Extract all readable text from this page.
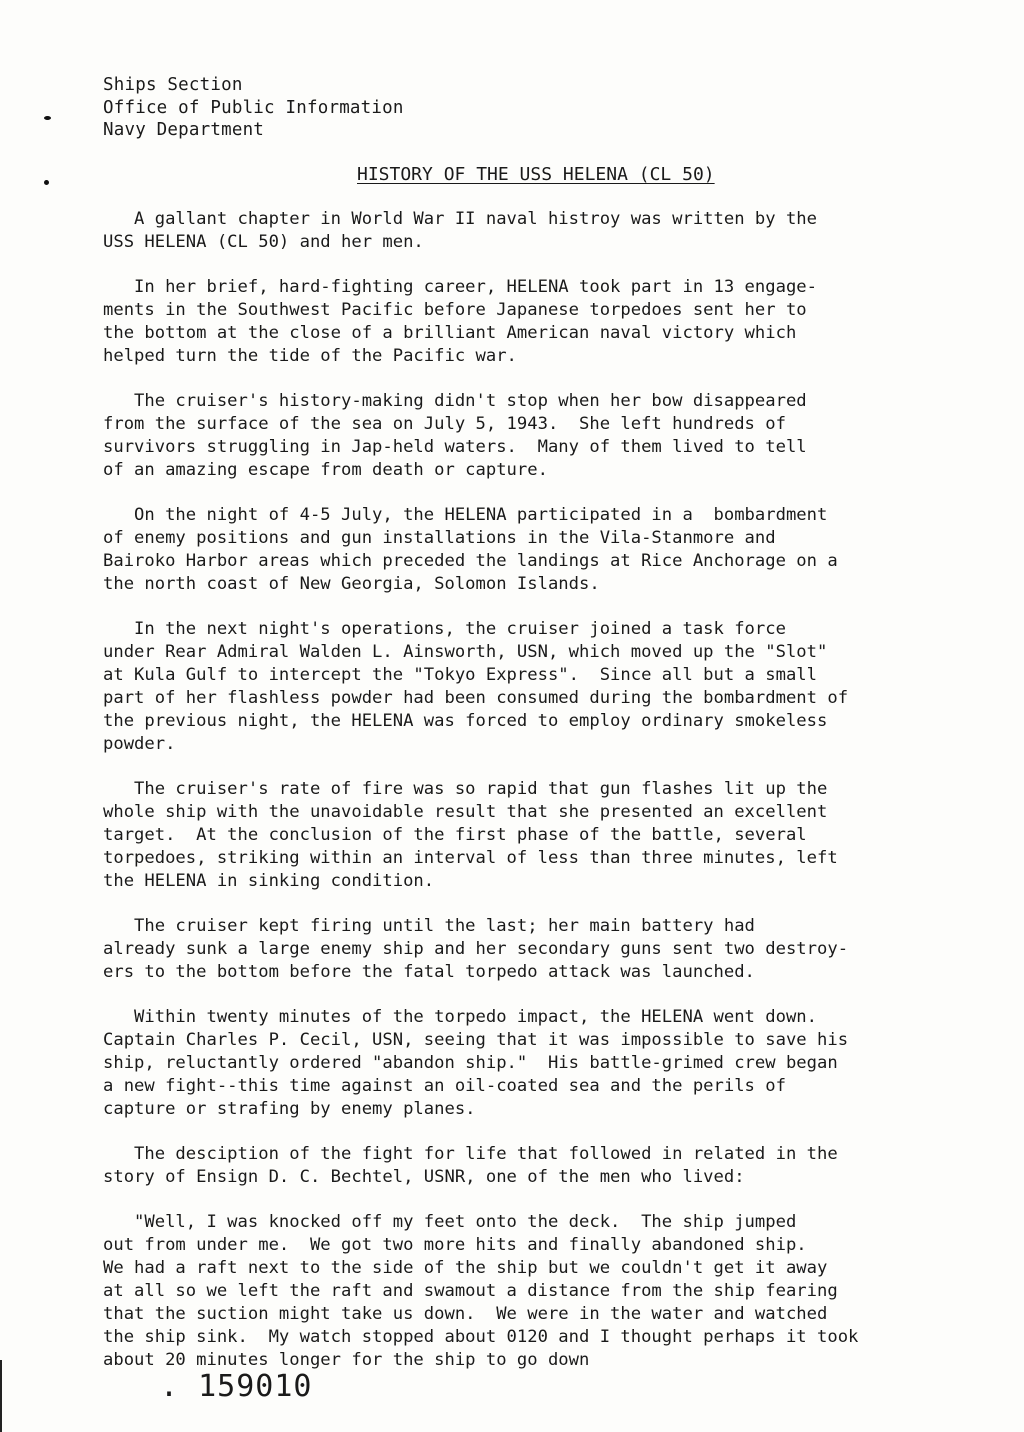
Ships Section
Office of Public Information
Navy Department
HISTORY OF THE USS HELENA (CL 50)
A gallant chapter in World War II naval histroy was written by the
USS HELENA (CL 50) and her men.
In her brief, hard-fighting career, HELENA took part in 13 engage-
ments in the Southwest Pacific before Japanese torpedoes sent her to
the bottom at the close of a brilliant American naval victory which
helped turn the tide of the Pacific war.
The cruiser's history-making didn't stop when her bow disappeared
from the surface of the sea on July 5, 1943.  She left hundreds of
survivors struggling in Jap-held waters.  Many of them lived to tell
of an amazing escape from death or capture.
On the night of 4-5 July, the HELENA participated in a  bombardment
of enemy positions and gun installations in the Vila-Stanmore and
Bairoko Harbor areas which preceded the landings at Rice Anchorage on a
the north coast of New Georgia, Solomon Islands.
In the next night's operations, the cruiser joined a task force
under Rear Admiral Walden L. Ainsworth, USN, which moved up the "Slot"
at Kula Gulf to intercept the "Tokyo Express".  Since all but a small
part of her flashless powder had been consumed during the bombardment of
the previous night, the HELENA was forced to employ ordinary smokeless
powder.
The cruiser's rate of fire was so rapid that gun flashes lit up the
whole ship with the unavoidable result that she presented an excellent
target.  At the conclusion of the first phase of the battle, several
torpedoes, striking within an interval of less than three minutes, left
the HELENA in sinking condition.
The cruiser kept firing until the last; her main battery had
already sunk a large enemy ship and her secondary guns sent two destroy-
ers to the bottom before the fatal torpedo attack was launched.
Within twenty minutes of the torpedo impact, the HELENA went down.
Captain Charles P. Cecil, USN, seeing that it was impossible to save his
ship, reluctantly ordered "abandon ship."  His battle-grimed crew began
a new fight--this time against an oil-coated sea and the perils of
capture or strafing by enemy planes.
The desciption of the fight for life that followed in related in the
story of Ensign D. C. Bechtel, USNR, one of the men who lived:
"Well, I was knocked off my feet onto the deck.  The ship jumped
out from under me.  We got two more hits and finally abandoned ship.
We had a raft next to the side of the ship but we couldn't get it away
at all so we left the raft and swamout a distance from the ship fearing
that the suction might take us down.  We were in the water and watched
the ship sink.  My watch stopped about 0120 and I thought perhaps it took
about 20 minutes longer for the ship to go down
. 159010
